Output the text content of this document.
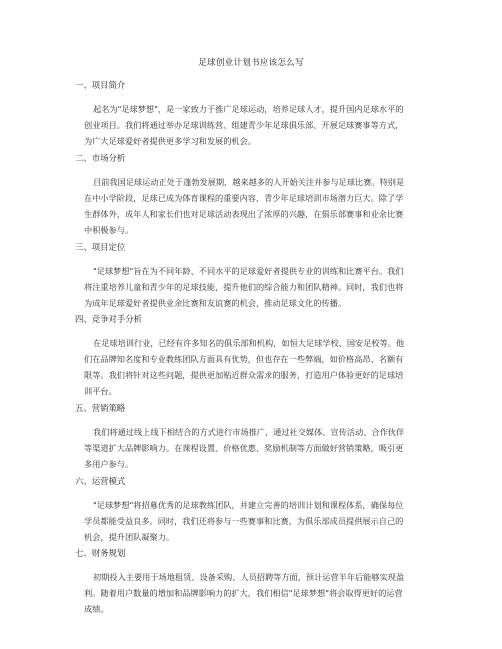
足球创业计划书应该怎么写
一、项目简介
起名为"足球梦想"，是一家致力于推广足球运动，培养足球人才，提升国内足球水平的
创业项目。我们将通过举办足球训练营、组建青少年足球俱乐部、开展足球赛事等方式，
为广大足球爱好者提供更多学习和发展的机会。
二、市场分析
目前我国足球运动正处于蓬勃发展期，越来越多的人开始关注并参与足球比赛。特别是
在中小学阶段，足球已成为体育课程的重要内容，青少年足球培训市场潜力巨大。除了学
生群体外，成年人和家长们也对足球活动表现出了浓厚的兴趣，在俱乐部赛事和业余比赛
中积极参与。
三、项目定位
"足球梦想"旨在为不同年龄、不同水平的足球爱好者提供专业的训练和比赛平台。我们
将注重培养儿童和青少年的足球技能，提升他们的综合能力和团队精神。同时，我们也将
为成年足球爱好者提供业余比赛和友谊赛的机会，推动足球文化的传播。
四、竞争对手分析
在足球培训行业，已经有许多知名的俱乐部和机构，如恒大足球学校、国安足校等。他
们在品牌知名度和专业教练团队方面具有优势，但也存在一些弊端，如价格高昂、名额有
限等。我们将针对这些问题，提供更加贴近群众需求的服务，打造用户体验更好的足球培
训平台。
五、营销策略
我们将通过线上线下相结合的方式进行市场推广，通过社交媒体、宣传活动、合作伙伴
等渠道扩大品牌影响力。在课程设置、价格优惠、奖励机制等方面做好营销策略，吸引更
多用户参与。
六、运营模式
"足球梦想"将招募优秀的足球教练团队，并建立完善的培训计划和课程体系，确保每位
学员都能受益良多。同时，我们还将参与一些赛事和比赛，为俱乐部成员提供展示自己的
机会，提升团队凝聚力。
七、财务规划
初期投入主要用于场地租赁、设备采购、人员招聘等方面，预计运营半年后能够实现盈
利。随着用户数量的增加和品牌影响力的扩大，我们相信"足球梦想"将会取得更好的运营
成绩。
